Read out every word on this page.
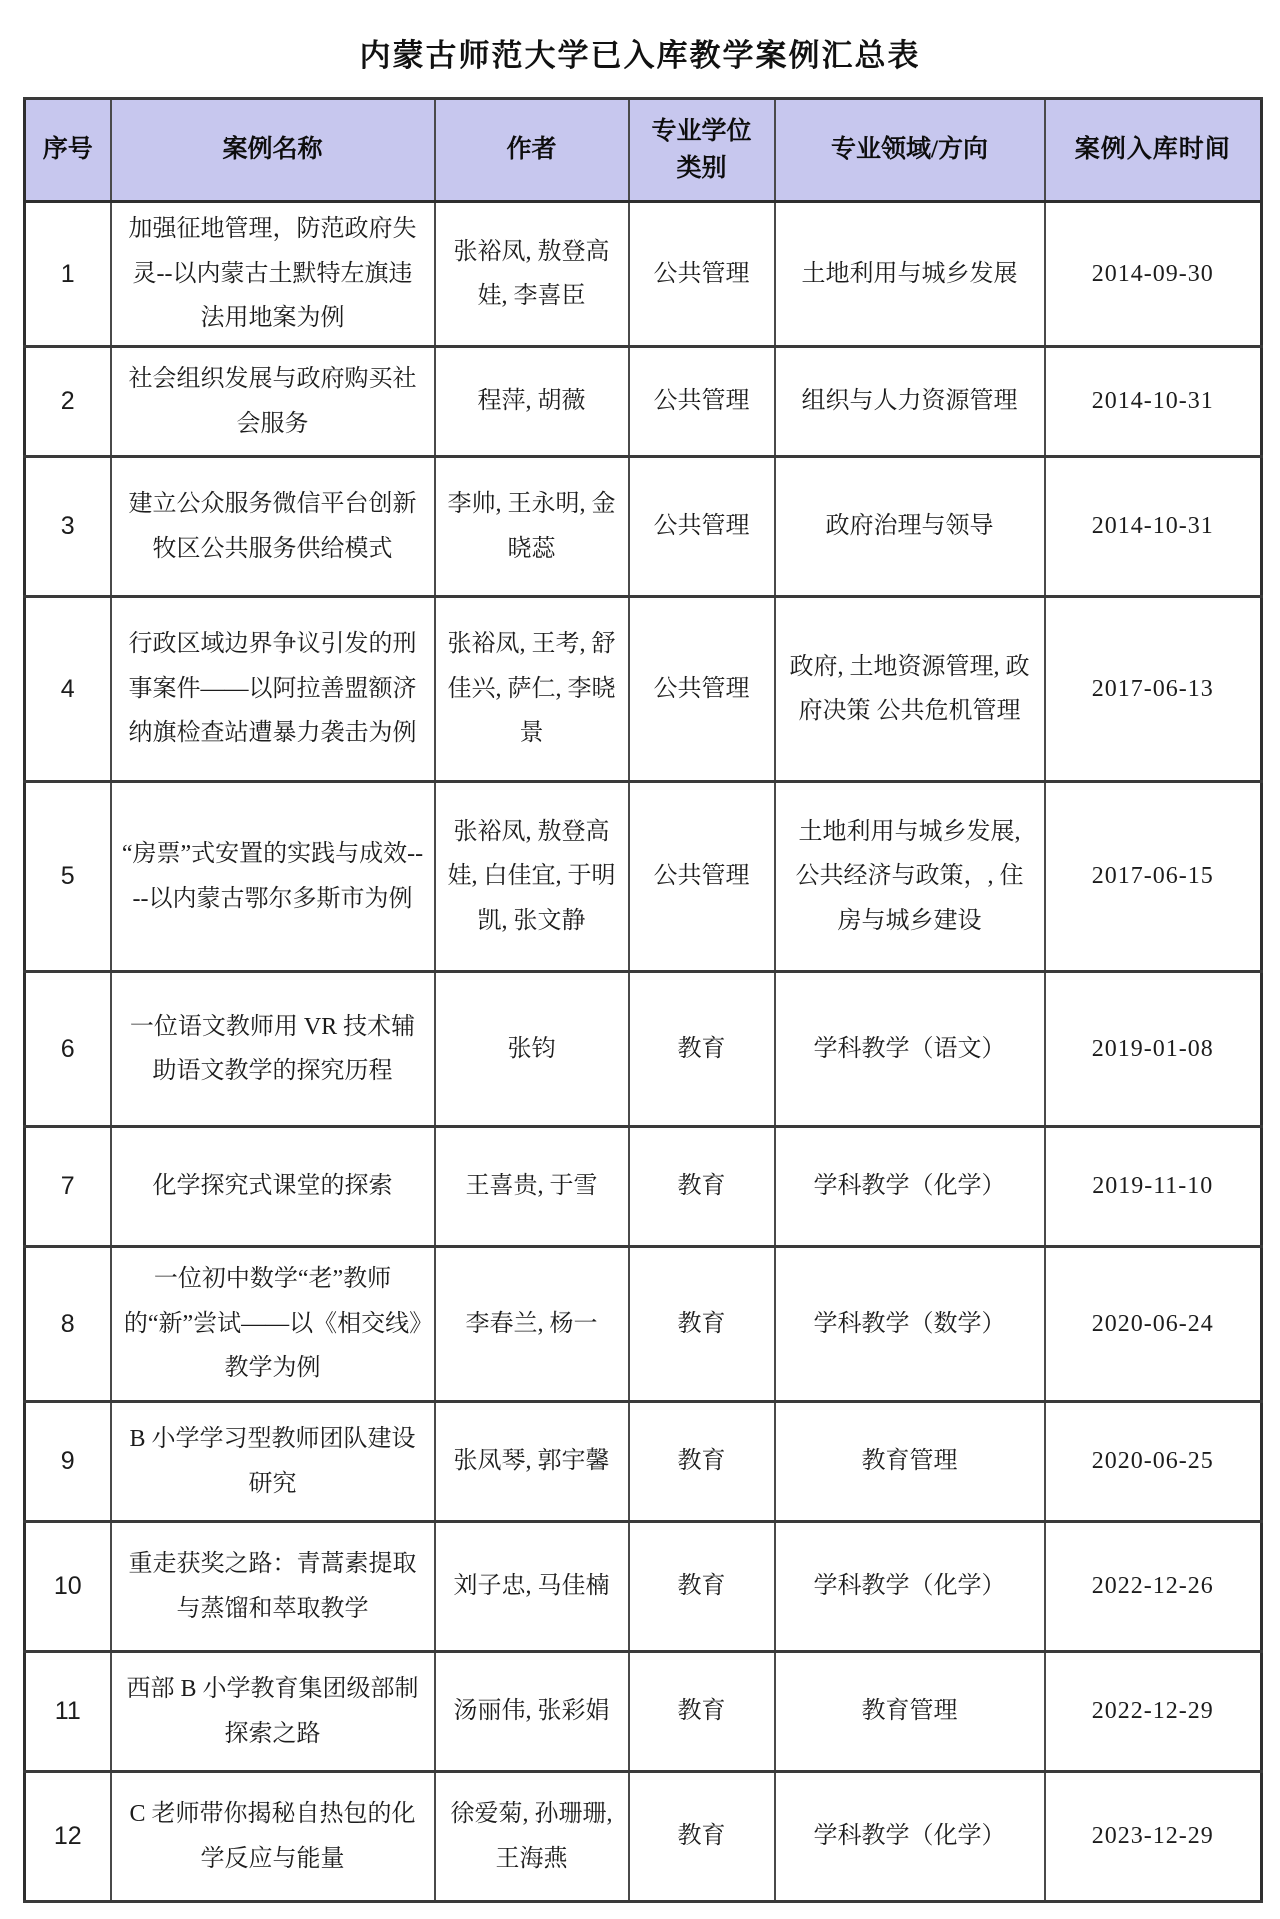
内蒙古师范大学已入库教学案例汇总表
序号	案例名称	作者	专业学位类别	专业领域/方向	案例入库时间
1	加强征地管理，防范政府失灵--以内蒙古土默特左旗违法用地案为例	张裕凤, 敖登高娃, 李喜臣	公共管理	土地利用与城乡发展	2014-09-30
2	社会组织发展与政府购买社会服务	程萍, 胡薇	公共管理	组织与人力资源管理	2014-10-31
3	建立公众服务微信平台创新牧区公共服务供给模式	李帅, 王永明, 金晓蕊	公共管理	政府治理与领导	2014-10-31
4	行政区域边界争议引发的刑事案件——以阿拉善盟额济纳旗检查站遭暴力袭击为例	张裕凤, 王考, 舒佳兴, 萨仁, 李晓景	公共管理	政府, 土地资源管理, 政府决策 公共危机管理	2017-06-13
5	“房票”式安置的实践与成效----以内蒙古鄂尔多斯市为例	张裕凤, 敖登高娃, 白佳宜, 于明凯, 张文静	公共管理	土地利用与城乡发展, 公共经济与政策，, 住房与城乡建设	2017-06-15
6	一位语文教师用 VR 技术辅助语文教学的探究历程	张钧	教育	学科教学（语文）	2019-01-08
7	化学探究式课堂的探索	王喜贵, 于雪	教育	学科教学（化学）	2019-11-10
8	一位初中数学“老”教师的“新”尝试——以《相交线》教学为例	李春兰, 杨一	教育	学科教学（数学）	2020-06-24
9	B 小学学习型教师团队建设研究	张凤琴, 郭宇馨	教育	教育管理	2020-06-25
10	重走获奖之路：青蒿素提取与蒸馏和萃取教学	刘子忠, 马佳楠	教育	学科教学（化学）	2022-12-26
11	西部 B 小学教育集团级部制探索之路	汤丽伟, 张彩娟	教育	教育管理	2022-12-29
12	C 老师带你揭秘自热包的化学反应与能量	徐爱菊, 孙珊珊, 王海燕	教育	学科教学（化学）	2023-12-29
